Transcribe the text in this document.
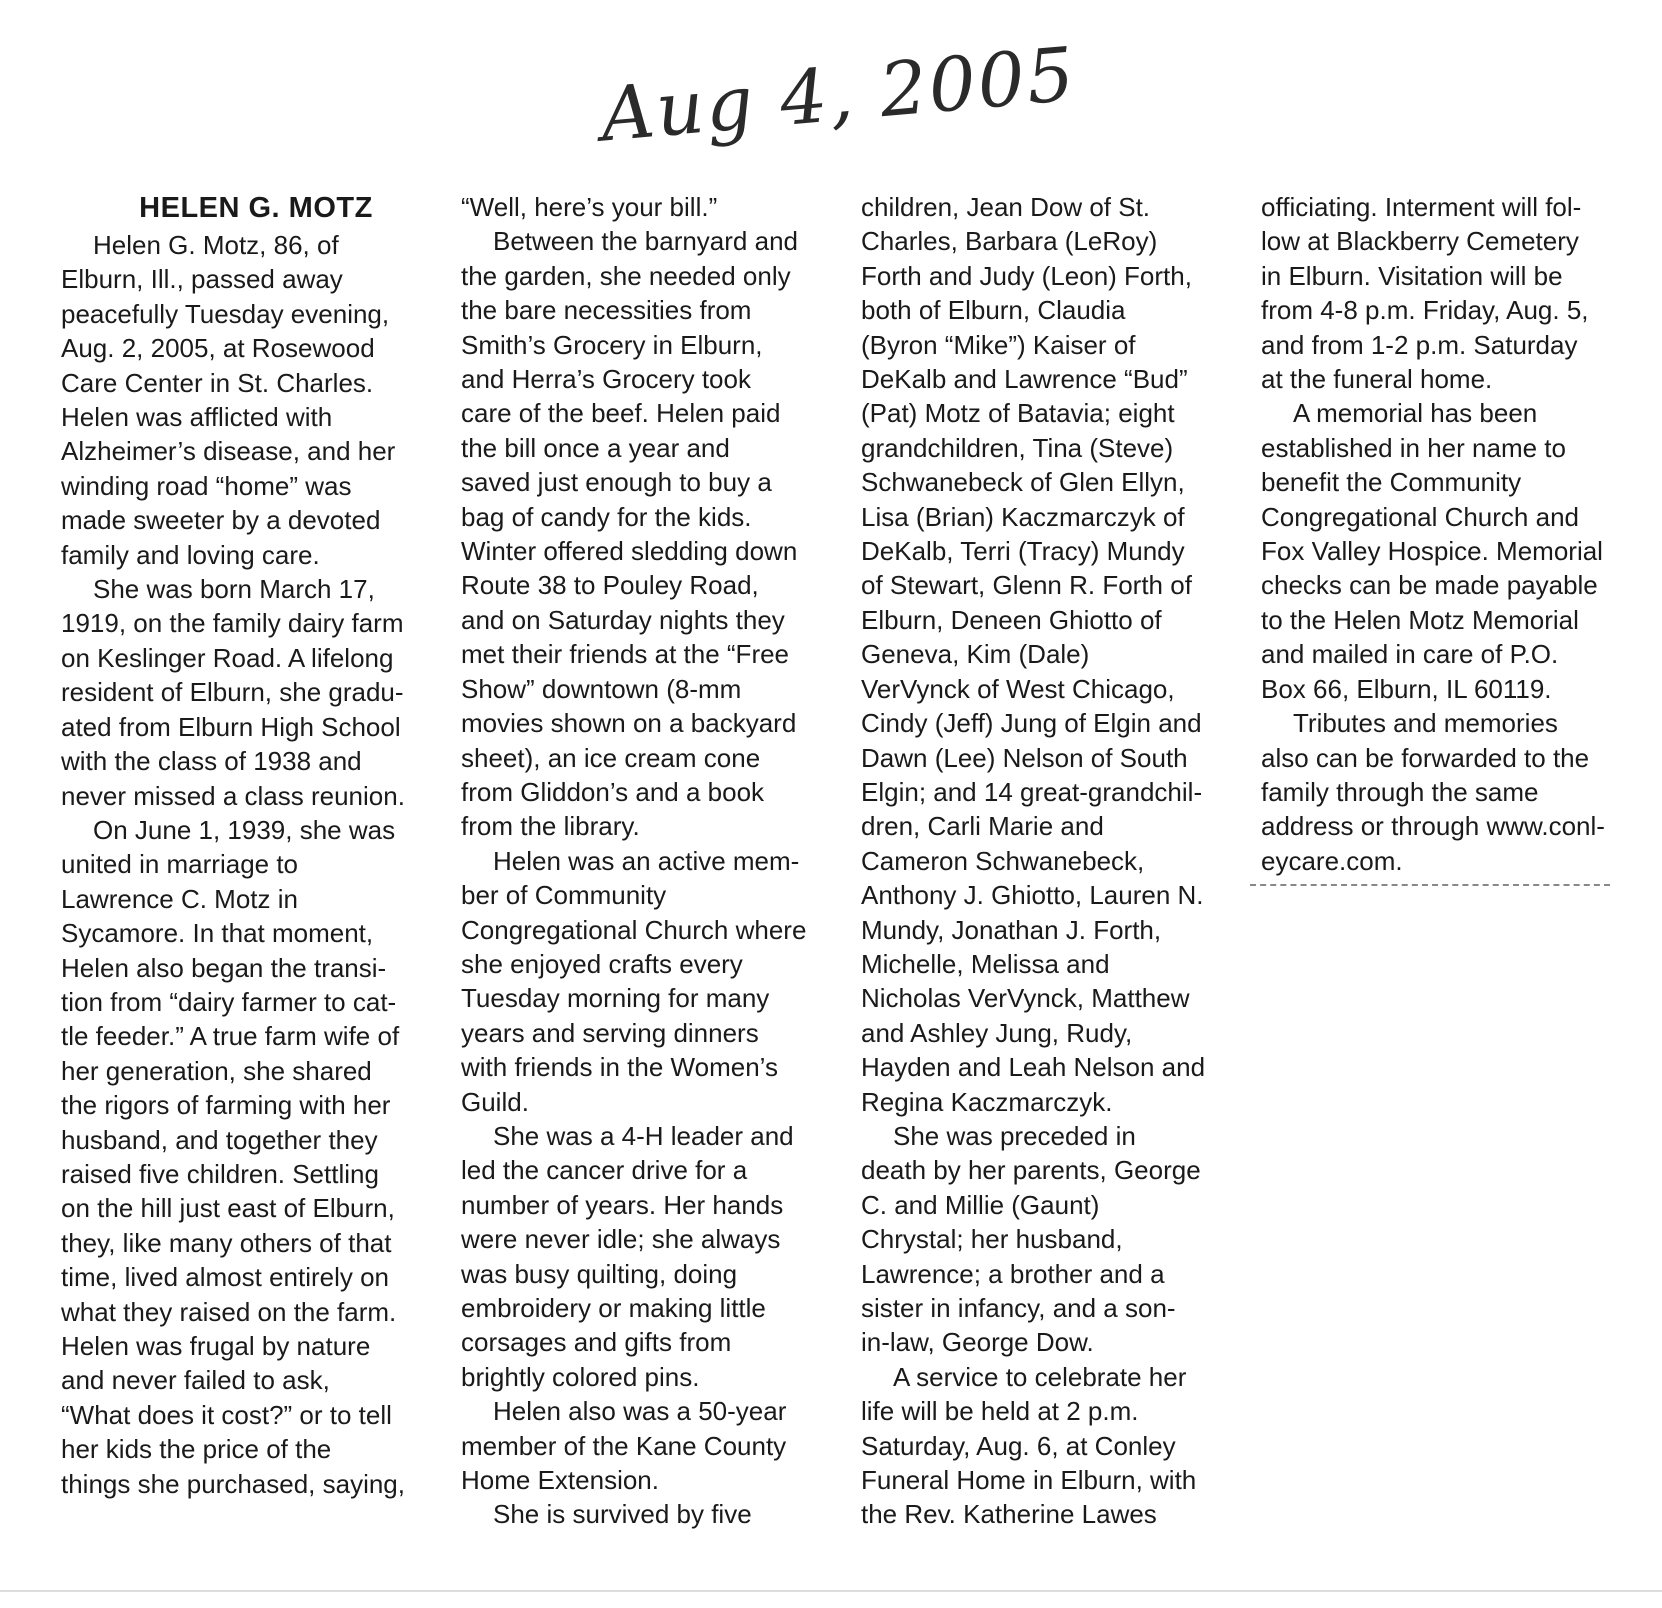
Aug 4, 2005
HELEN G. MOTZ
Helen G. Motz, 86, of
Elburn, Ill., passed away
peacefully Tuesday evening,
Aug. 2, 2005, at Rosewood
Care Center in St. Charles.
Helen was afflicted with
Alzheimer’s disease, and her
winding road “home” was
made sweeter by a devoted
family and loving care.
She was born March 17,
1919, on the family dairy farm
on Keslinger Road. A lifelong
resident of Elburn, she gradu-
ated from Elburn High School
with the class of 1938 and
never missed a class reunion.
On June 1, 1939, she was
united in marriage to
Lawrence C. Motz in
Sycamore. In that moment,
Helen also began the transi-
tion from “dairy farmer to cat-
tle feeder.” A true farm wife of
her generation, she shared
the rigors of farming with her
husband, and together they
raised five children. Settling
on the hill just east of Elburn,
they, like many others of that
time, lived almost entirely on
what they raised on the farm.
Helen was frugal by nature
and never failed to ask,
“What does it cost?” or to tell
her kids the price of the
things she purchased, saying,
“Well, here’s your bill.”
Between the barnyard and
the garden, she needed only
the bare necessities from
Smith’s Grocery in Elburn,
and Herra’s Grocery took
care of the beef. Helen paid
the bill once a year and
saved just enough to buy a
bag of candy for the kids.
Winter offered sledding down
Route 38 to Pouley Road,
and on Saturday nights they
met their friends at the “Free
Show” downtown (8-mm
movies shown on a backyard
sheet), an ice cream cone
from Gliddon’s and a book
from the library.
Helen was an active mem-
ber of Community
Congregational Church where
she enjoyed crafts every
Tuesday morning for many
years and serving dinners
with friends in the Women’s
Guild.
She was a 4-H leader and
led the cancer drive for a
number of years. Her hands
were never idle; she always
was busy quilting, doing
embroidery or making little
corsages and gifts from
brightly colored pins.
Helen also was a 50-year
member of the Kane County
Home Extension.
She is survived by five
children, Jean Dow of St.
Charles, Barbara (LeRoy)
Forth and Judy (Leon) Forth,
both of Elburn, Claudia
(Byron “Mike”) Kaiser of
DeKalb and Lawrence “Bud”
(Pat) Motz of Batavia; eight
grandchildren, Tina (Steve)
Schwanebeck of Glen Ellyn,
Lisa (Brian) Kaczmarczyk of
DeKalb, Terri (Tracy) Mundy
of Stewart, Glenn R. Forth of
Elburn, Deneen Ghiotto of
Geneva, Kim (Dale)
VerVynck of West Chicago,
Cindy (Jeff) Jung of Elgin and
Dawn (Lee) Nelson of South
Elgin; and 14 great-grandchil-
dren, Carli Marie and
Cameron Schwanebeck,
Anthony J. Ghiotto, Lauren N.
Mundy, Jonathan J. Forth,
Michelle, Melissa and
Nicholas VerVynck, Matthew
and Ashley Jung, Rudy,
Hayden and Leah Nelson and
Regina Kaczmarczyk.
She was preceded in
death by her parents, George
C. and Millie (Gaunt)
Chrystal; her husband,
Lawrence; a brother and a
sister in infancy, and a son-
in-law, George Dow.
A service to celebrate her
life will be held at 2 p.m.
Saturday, Aug. 6, at Conley
Funeral Home in Elburn, with
the Rev. Katherine Lawes
officiating. Interment will fol-
low at Blackberry Cemetery
in Elburn. Visitation will be
from 4-8 p.m. Friday, Aug. 5,
and from 1-2 p.m. Saturday
at the funeral home.
A memorial has been
established in her name to
benefit the Community
Congregational Church and
Fox Valley Hospice. Memorial
checks can be made payable
to the Helen Motz Memorial
and mailed in care of P.O.
Box 66, Elburn, IL 60119.
Tributes and memories
also can be forwarded to the
family through the same
address or through www.conl-
eycare.com.
